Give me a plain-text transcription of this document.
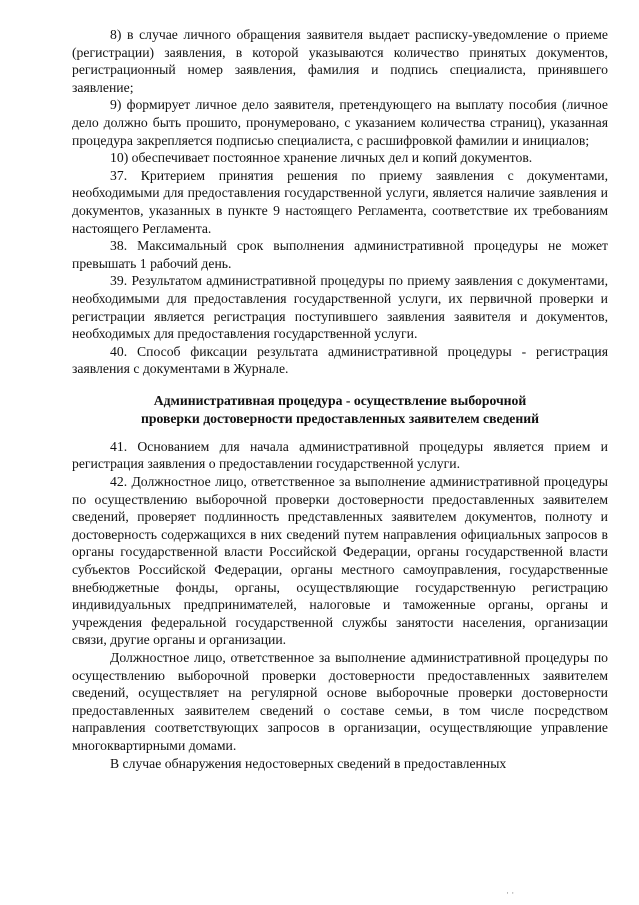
8) в случае личного обращения заявителя выдает расписку-уведомление о приеме (регистрации) заявления, в которой указываются количество принятых документов, регистрационный номер заявления, фамилия и подпись специалиста, принявшего заявление;

9) формирует личное дело заявителя, претендующего на выплату пособия (личное дело должно быть прошито, пронумеровано, с указанием количества страниц), указанная процедура закрепляется подписью специалиста, с расшифровкой фамилии и инициалов;

10) обеспечивает постоянное хранение личных дел и копий документов.

37. Критерием принятия решения по приему заявления с документами, необходимыми для предоставления государственной услуги, является наличие заявления и документов, указанных в пункте 9 настоящего Регламента, соответствие их требованиям настоящего Регламента.

38. Максимальный срок выполнения административной процедуры не может превышать 1 рабочий день.

39. Результатом административной процедуры по приему заявления с документами, необходимыми для предоставления государственной услуги, их первичной проверки и регистрации является регистрация поступившего заявления заявителя и документов, необходимых для предоставления государственной услуги.

40. Способ фиксации результата административной процедуры - регистрация заявления с документами в Журнале.

Административная процедура - осуществление выборочной
проверки достоверности предоставленных заявителем сведений

41. Основанием для начала административной процедуры является прием и регистрация заявления о предоставлении государственной услуги.

42. Должностное лицо, ответственное за выполнение административной процедуры по осуществлению выборочной проверки достоверности предоставленных заявителем сведений, проверяет подлинность представленных заявителем документов, полноту и достоверность содержащихся в них сведений путем направления официальных запросов в органы государственной власти Российской Федерации, органы государственной власти субъектов Российской Федерации, органы местного самоуправления, государственные внебюджетные фонды, органы, осуществляющие государственную регистрацию индивидуальных предпринимателей, налоговые и таможенные органы, органы и учреждения федеральной государственной службы занятости населения, организации связи, другие органы и организации.

Должностное лицо, ответственное за выполнение административной процедуры по осуществлению выборочной проверки достоверности предоставленных заявителем сведений, осуществляет на регулярной основе выборочные проверки достоверности предоставленных заявителем сведений о составе семьи, в том числе посредством направления соответствующих запросов в организации, осуществляющие управление многоквартирными домами.

В случае обнаружения недостоверных сведений в предоставленных

· ·
